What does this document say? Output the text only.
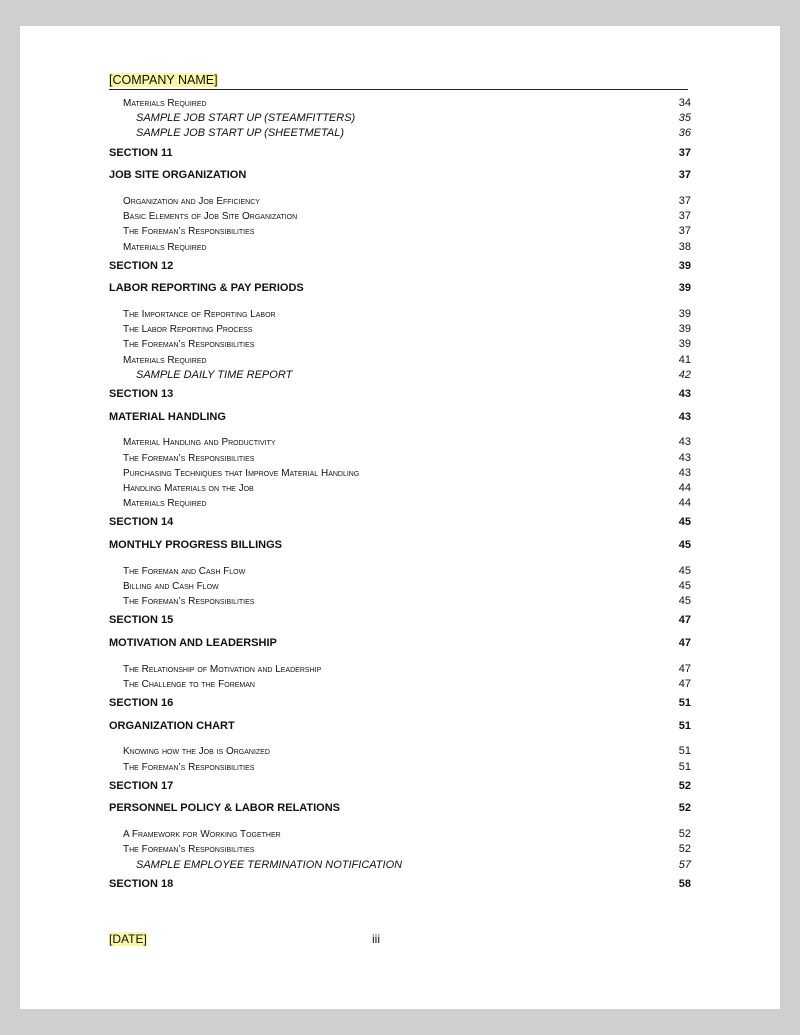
[COMPANY NAME]
Materials Required	34
SAMPLE JOB START UP (STEAMFITTERS)	35
SAMPLE JOB START UP (SHEETMETAL)	36
SECTION 11	37
JOB SITE ORGANIZATION	37
Organization and Job Efficiency	37
Basic Elements of Job Site Organization	37
The Foreman’s Responsibilities	37
Materials Required	38
SECTION 12	39
LABOR REPORTING & PAY PERIODS	39
The Importance of Reporting Labor	39
The Labor Reporting Process	39
The Foreman’s Responsibilities	39
Materials Required	41
SAMPLE DAILY TIME REPORT	42
SECTION 13	43
MATERIAL HANDLING	43
Material Handling and Productivity	43
The Foreman’s Responsibilities	43
Purchasing Techniques that Improve Material Handling	43
Handling Materials on the Job	44
Materials Required	44
SECTION 14	45
MONTHLY PROGRESS BILLINGS	45
The Foreman and Cash Flow	45
Billing and Cash Flow	45
The Foreman’s Responsibilities	45
SECTION 15	47
MOTIVATION AND LEADERSHIP	47
The Relationship of Motivation and Leadership	47
The Challenge to the Foreman	47
SECTION 16	51
ORGANIZATION CHART	51
Knowing how the Job is Organized	51
The Foreman’s Responsibilities	51
SECTION 17	52
PERSONNEL POLICY & LABOR RELATIONS	52
A Framework for Working Together	52
The Foreman’s Responsibilities	52
SAMPLE EMPLOYEE TERMINATION NOTIFICATION	57
SECTION 18	58
[DATE]	iii
